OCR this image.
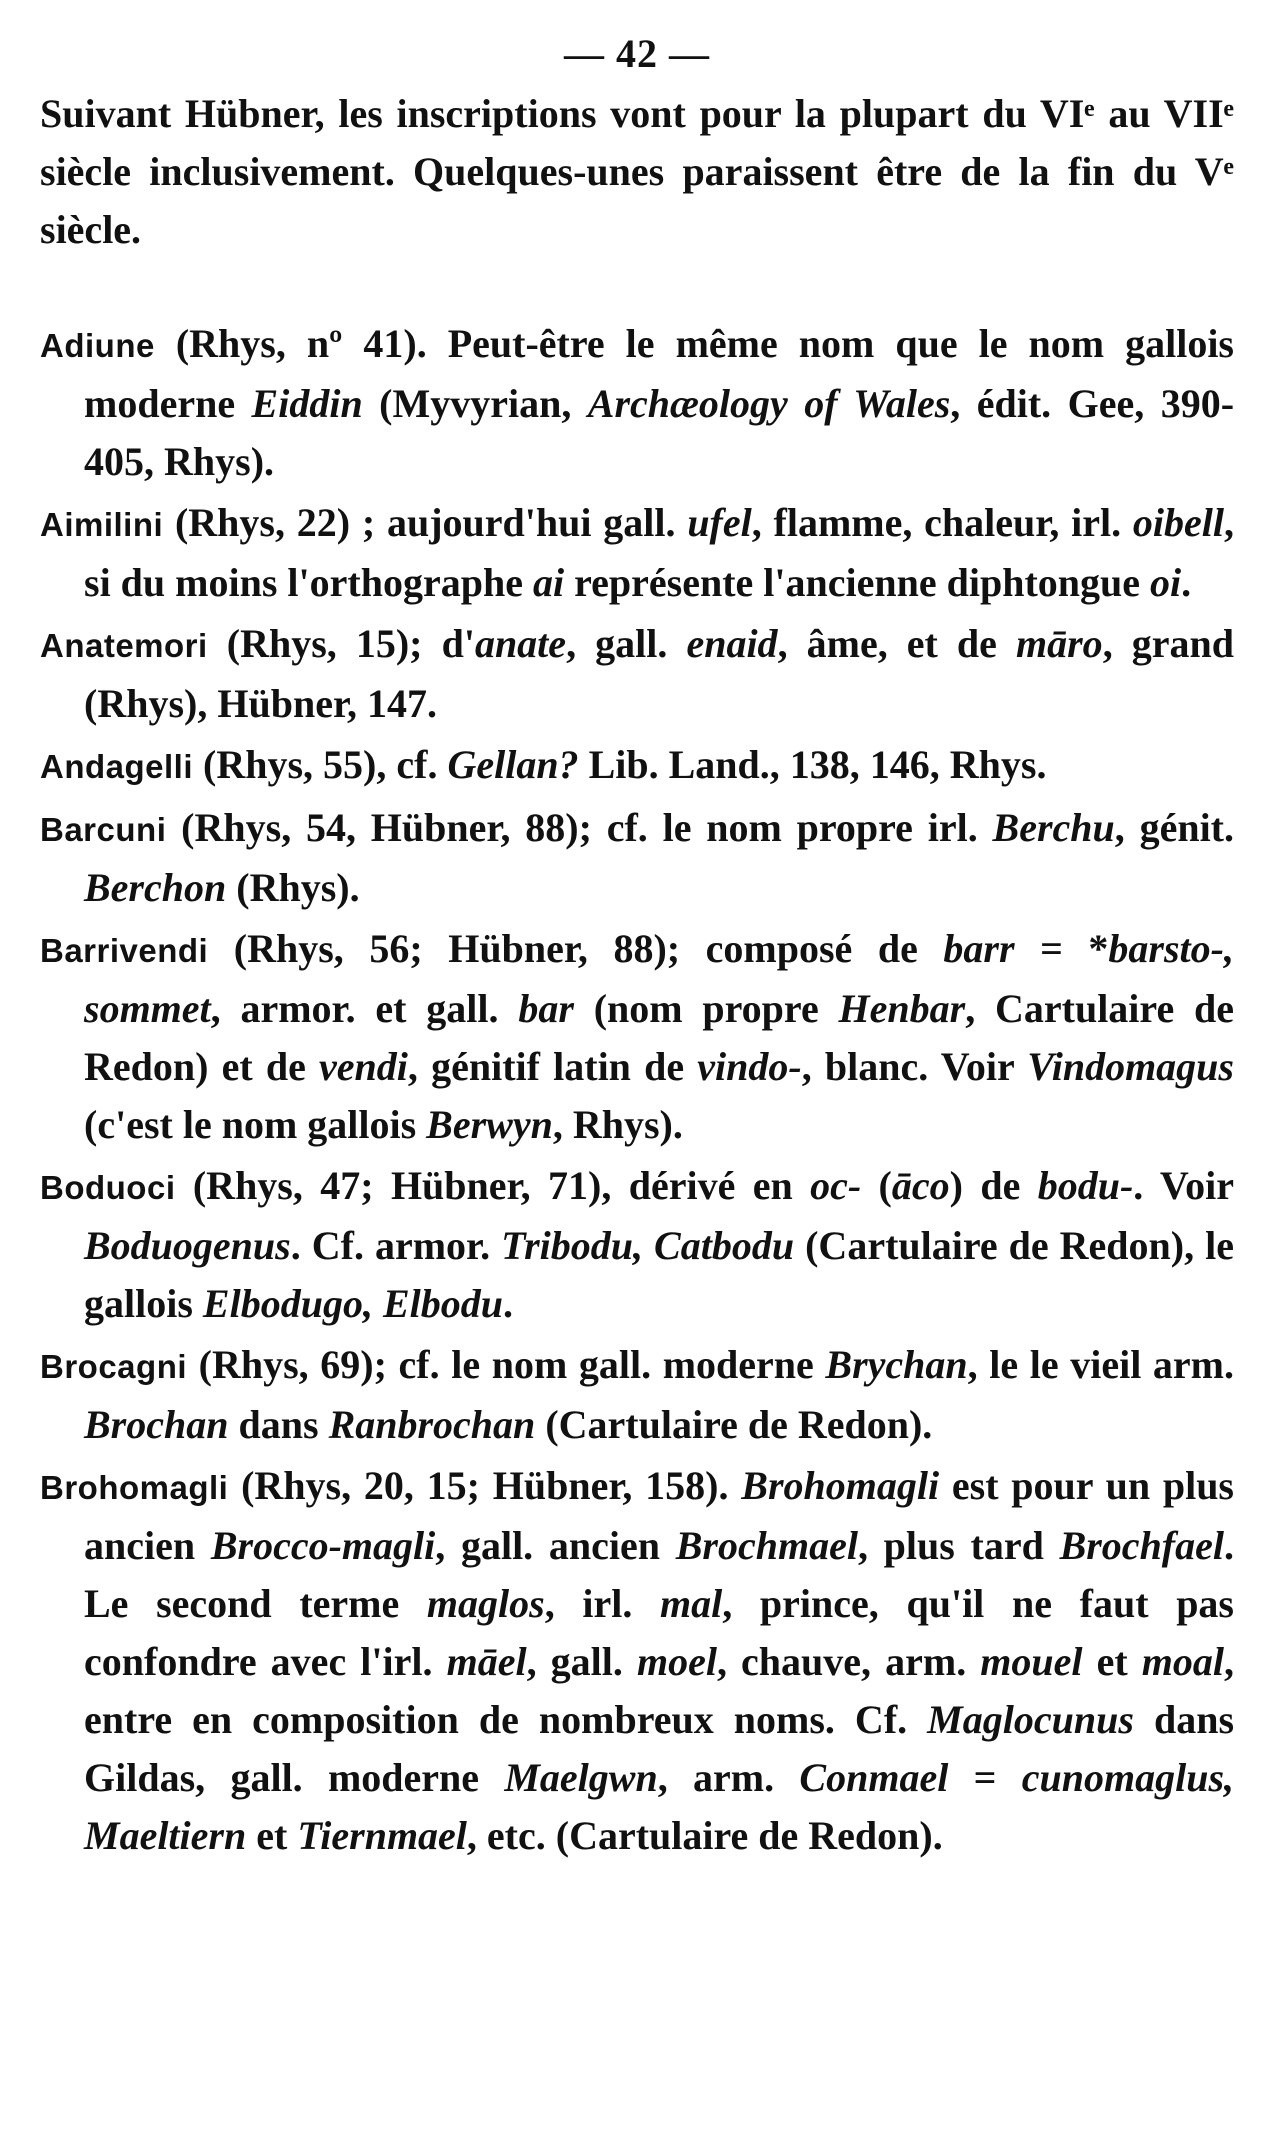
— 42 —

Suivant Hübner, les inscriptions vont pour la plupart du VIᵉ au VIIᵉ siècle inclusivement. Quelques-unes paraissent être de la fin du Vᵉ siècle.

Adiune (Rhys, nº 41). Peut-être le même nom que le nom gallois moderne Eiddin (Myvyrian, Archæology of Wales, édit. Gee, 390-405, Rhys).

Aimilini (Rhys, 22) ; aujourd'hui gall. ufel, flamme, chaleur, irl. oibell, si du moins l'orthographe ai représente l'ancienne diphtongue oi.

Anatemori (Rhys, 15); d'anate, gall. enaid, âme, et de māro, grand (Rhys), Hübner, 147.

Andagelli (Rhys, 55), cf. Gellan? Lib. Land., 138, 146, Rhys.

Barcuni (Rhys, 54, Hübner, 88); cf. le nom propre irl. Berchu, génit. Berchon (Rhys).

Barrivendi (Rhys, 56; Hübner, 88); composé de barr = *barsto-, sommet, armor. et gall. bar (nom propre Henbar, Cartulaire de Redon) et de vendi, génitif latin de vindo-, blanc. Voir Vindomagus (c'est le nom gallois Berwyn, Rhys).

Boduoci (Rhys, 47; Hübner, 71), dérivé en oc- (āco) de bodu-. Voir Boduogenus. Cf. armor. Tribodu, Catbodu (Cartulaire de Redon), le gallois Elbodugo, Elbodu.

Brocagni (Rhys, 69); cf. le nom gall. moderne Brychan, le le vieil arm. Brochan dans Ranbrochan (Cartulaire de Redon).

Brohomagli (Rhys, 20, 15; Hübner, 158). Brohomagli est pour un plus ancien Brocco-magli, gall. ancien Brochmael, plus tard Brochfael. Le second terme maglos, irl. mal, prince, qu'il ne faut pas confondre avec l'irl. māel, gall. moel, chauve, arm. mouel et moal, entre en composition de nombreux noms. Cf. Maglocunus dans Gildas, gall. moderne Maelgwn, arm. Conmael = cunomaglus, Maeltiern et Tiernmael, etc. (Cartulaire de Redon).
